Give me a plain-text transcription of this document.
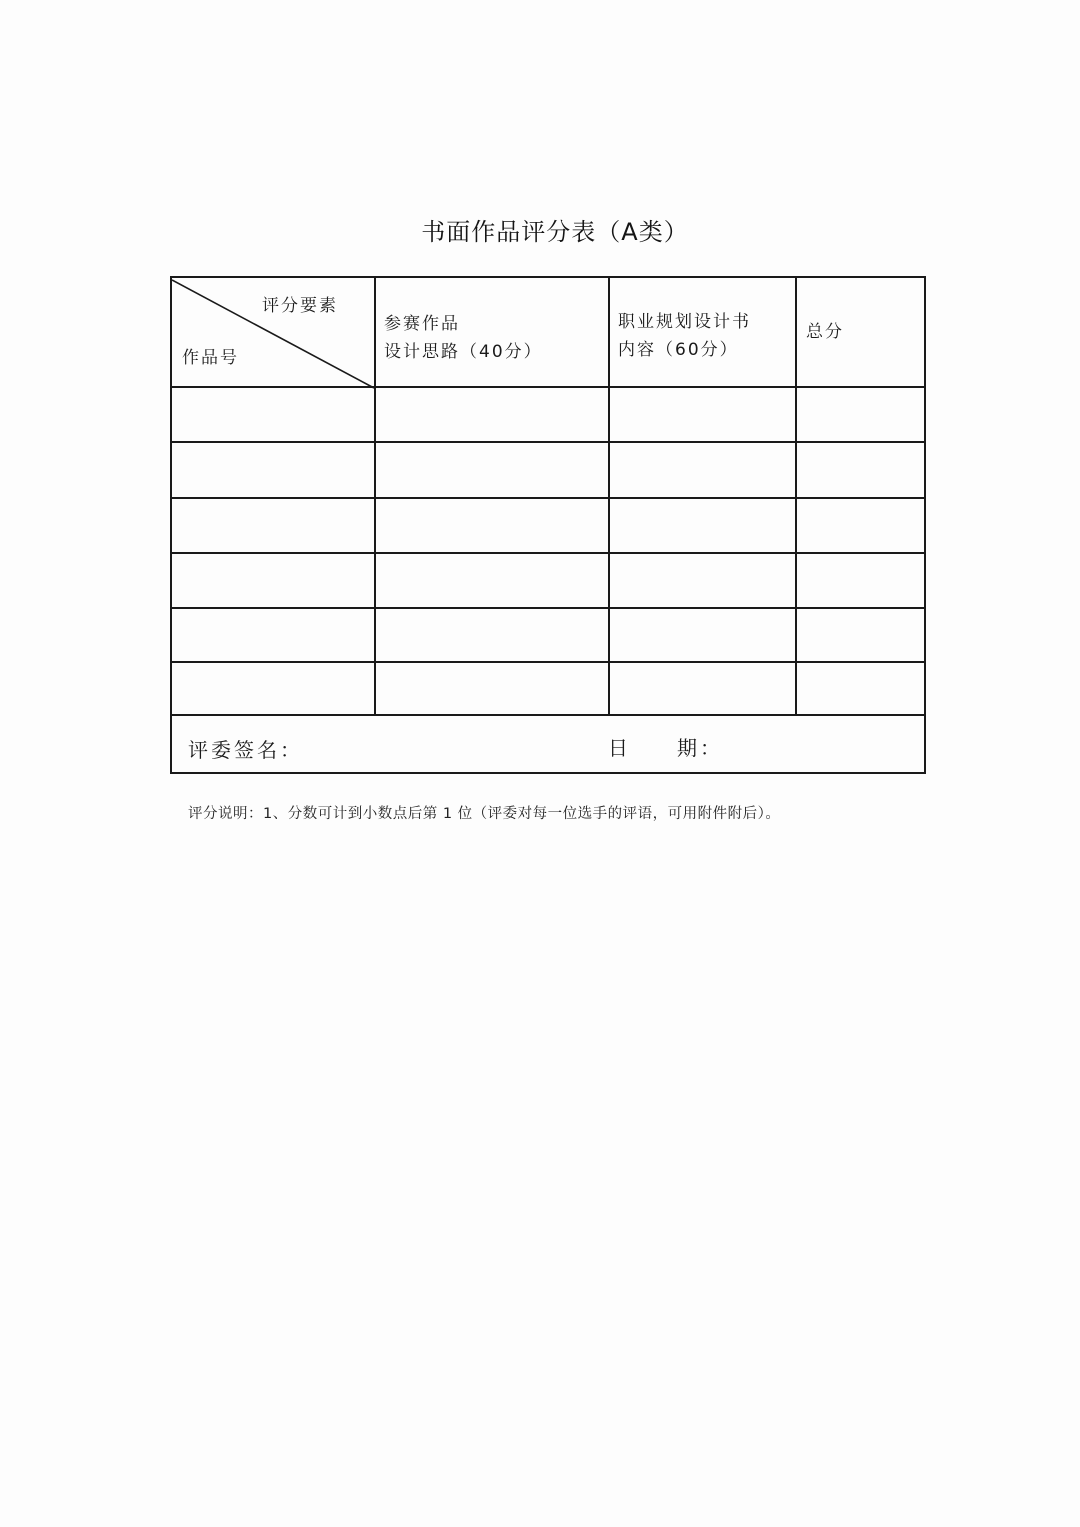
书面作品评分表（A类）
评分要素
作品号
参赛作品
设计思路（40分）
职业规划设计书
内容（60分）
总分
评委签名：	日　　期：
评分说明：1、分数可计到小数点后第 1 位（评委对每一位选手的评语，可用附件附后）。
